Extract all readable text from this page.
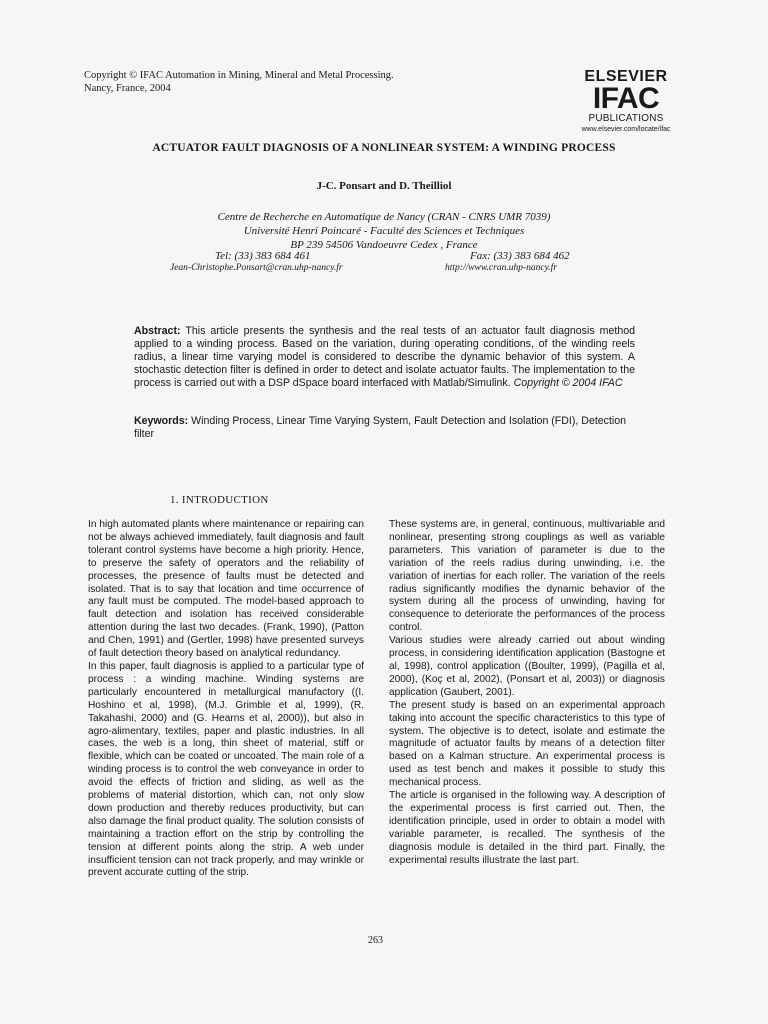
Copyright © IFAC Automation in Mining, Mineral and Metal Processing.
Nancy, France, 2004
ELSEVIER
IFAC
PUBLICATIONS
www.elsevier.com/locate/ifac
ACTUATOR FAULT DIAGNOSIS OF A NONLINEAR SYSTEM: A WINDING PROCESS
J-C. Ponsart and D. Theilliol
Centre de Recherche en Automatique de Nancy (CRAN - CNRS UMR 7039)
Université Henri Poincaré - Faculté des Sciences et Techniques
BP 239 54506 Vandoeuvre Cedex , France
Tel: (33) 383 684 461	Fax: (33) 383 684 462
Jean-Christophe.Ponsart@cran.uhp-nancy.fr	http://www.cran.uhp-nancy.fr
Abstract: This article presents the synthesis and the real tests of an actuator fault diagnosis method applied to a winding process. Based on the variation, during operating conditions, of the winding reels radius, a linear time varying model is considered to describe the dynamic behavior of this system. A stochastic detection filter is defined in order to detect and isolate actuator faults. The implementation to the process is carried out with a DSP dSpace board interfaced with Matlab/Simulink. Copyright © 2004 IFAC
Keywords: Winding Process, Linear Time Varying System, Fault Detection and Isolation (FDI), Detection filter
1. INTRODUCTION

In high automated plants where maintenance or repairing can not be always achieved immediately, fault diagnosis and fault tolerant control systems have become a high priority. Hence, to preserve the safety of operators and the reliability of processes, the presence of faults must be detected and isolated. That is to say that location and time occurrence of any fault must be computed. The model-based approach to fault detection and isolation has received considerable attention during the last two decades. (Frank, 1990), (Patton and Chen, 1991) and (Gertler, 1998) have presented surveys of fault detection theory based on analytical redundancy.

In this paper, fault diagnosis is applied to a particular type of process : a winding machine. Winding systems are particularly encountered in metallurgical manufactory ((I. Hoshino et al, 1998), (M.J. Grimble et al, 1999), (R. Takahashi, 2000) and (G. Hearns et al, 2000)), but also in agro-alimentary, textiles, paper and plastic industries. In all cases, the web is a long, thin sheet of material, stiff or flexible, which can be coated or uncoated. The main role of a winding process is to control the web conveyance in order to avoid the effects of friction and sliding, as well as the problems of material distortion, which can, not only slow down production and thereby reduces productivity, but can also damage the final product quality. The solution consists of maintaining a traction effort on the strip by controlling the tension at different points along the strip. A web under insufficient tension can not track properly, and may wrinkle or prevent accurate cutting of the strip.

These systems are, in general, continuous, multivariable and nonlinear, presenting strong couplings as well as variable parameters. This variation of parameter is due to the variation of the reels radius during unwinding, i.e. the variation of inertias for each roller. The variation of the reels radius significantly modifies the dynamic behavior of the system during all the process of unwinding, having for consequence to deteriorate the performances of the process control.

Various studies were already carried out about winding process, in considering identification application (Bastogne et al, 1998), control application ((Boulter, 1999), (Pagilla et al, 2000), (Koç et al, 2002), (Ponsart et al, 2003)) or diagnosis application (Gaubert, 2001).

The present study is based on an experimental approach taking into account the specific characteristics to this type of system. The objective is to detect, isolate and estimate the magnitude of actuator faults by means of a detection filter based on a Kalman structure. An experimental process is used as test bench and makes it possible to study this mechanical process.

The article is organised in the following way. A description of the experimental process is first carried out. Then, the identification principle, used in order to obtain a model with variable parameter, is recalled. The synthesis of the diagnosis module is detailed in the third part. Finally, the experimental results illustrate the last part.

263
